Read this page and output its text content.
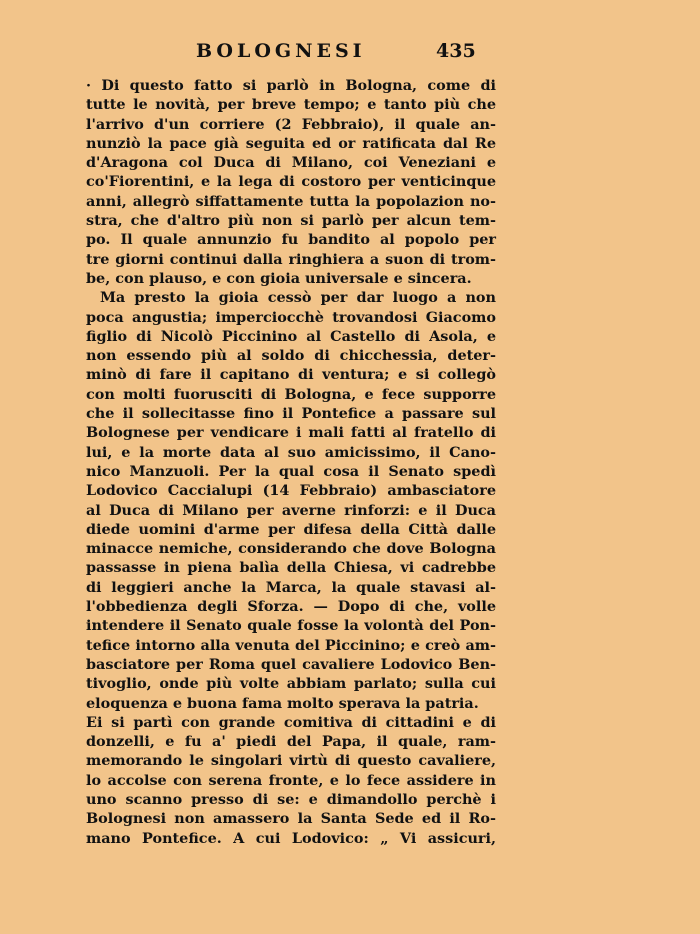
BOLOGNESI	435
· Di questo fatto si parlò in Bologna, come di
tutte le novità, per breve tempo; e tanto più che
l'arrivo d'un corriere (2 Febbraio), il quale an-
nunziò la pace già seguita ed or ratificata dal Re
d'Aragona col Duca di Milano, coi Veneziani e
co'Fiorentini, e la lega di costoro per venticinque
anni, allegrò siffattamente tutta la popolazion no-
stra, che d'altro più non si parlò per alcun tem-
po. Il quale annunzio fu bandito al popolo per
tre giorni continui dalla ringhiera a suon di trom-
be, con plauso, e con gioia universale e sincera.
Ma presto la gioia cessò per dar luogo a non
poca angustia; imperciocchè trovandosi Giacomo
figlio di Nicolò Piccinino al Castello di Asola, e
non essendo più al soldo di chicchessia, deter-
minò di fare il capitano di ventura; e si collegò
con molti fuorusciti di Bologna, e fece supporre
che il sollecitasse fino il Pontefice a passare sul
Bolognese per vendicare i mali fatti al fratello di
lui, e la morte data al suo amicissimo, il Cano-
nico Manzuoli. Per la qual cosa il Senato spedì
Lodovico Caccialupi (14 Febbraio) ambasciatore
al Duca di Milano per averne rinforzi: e il Duca
diede uomini d'arme per difesa della Città dalle
minacce nemiche, considerando che dove Bologna
passasse in piena balìa della Chiesa, vi cadrebbe
di leggieri anche la Marca, la quale stavasi al-
l'obbedienza degli Sforza. — Dopo di che, volle
intendere il Senato quale fosse la volontà del Pon-
tefice intorno alla venuta del Piccinino; e creò am-
basciatore per Roma quel cavaliere Lodovico Ben-
tivoglio, onde più volte abbiam parlato; sulla cui
eloquenza e buona fama molto sperava la patria.
Ei si partì con grande comitiva di cittadini e di
donzelli, e fu a' piedi del Papa, il quale, ram-
memorando le singolari virtù di questo cavaliere,
lo accolse con serena fronte, e lo fece assidere in
uno scanno presso di se: e dimandollo perchè i
Bolognesi non amassero la Santa Sede ed il Ro-
mano Pontefice. A cui Lodovico: „ Vi assicuri,
